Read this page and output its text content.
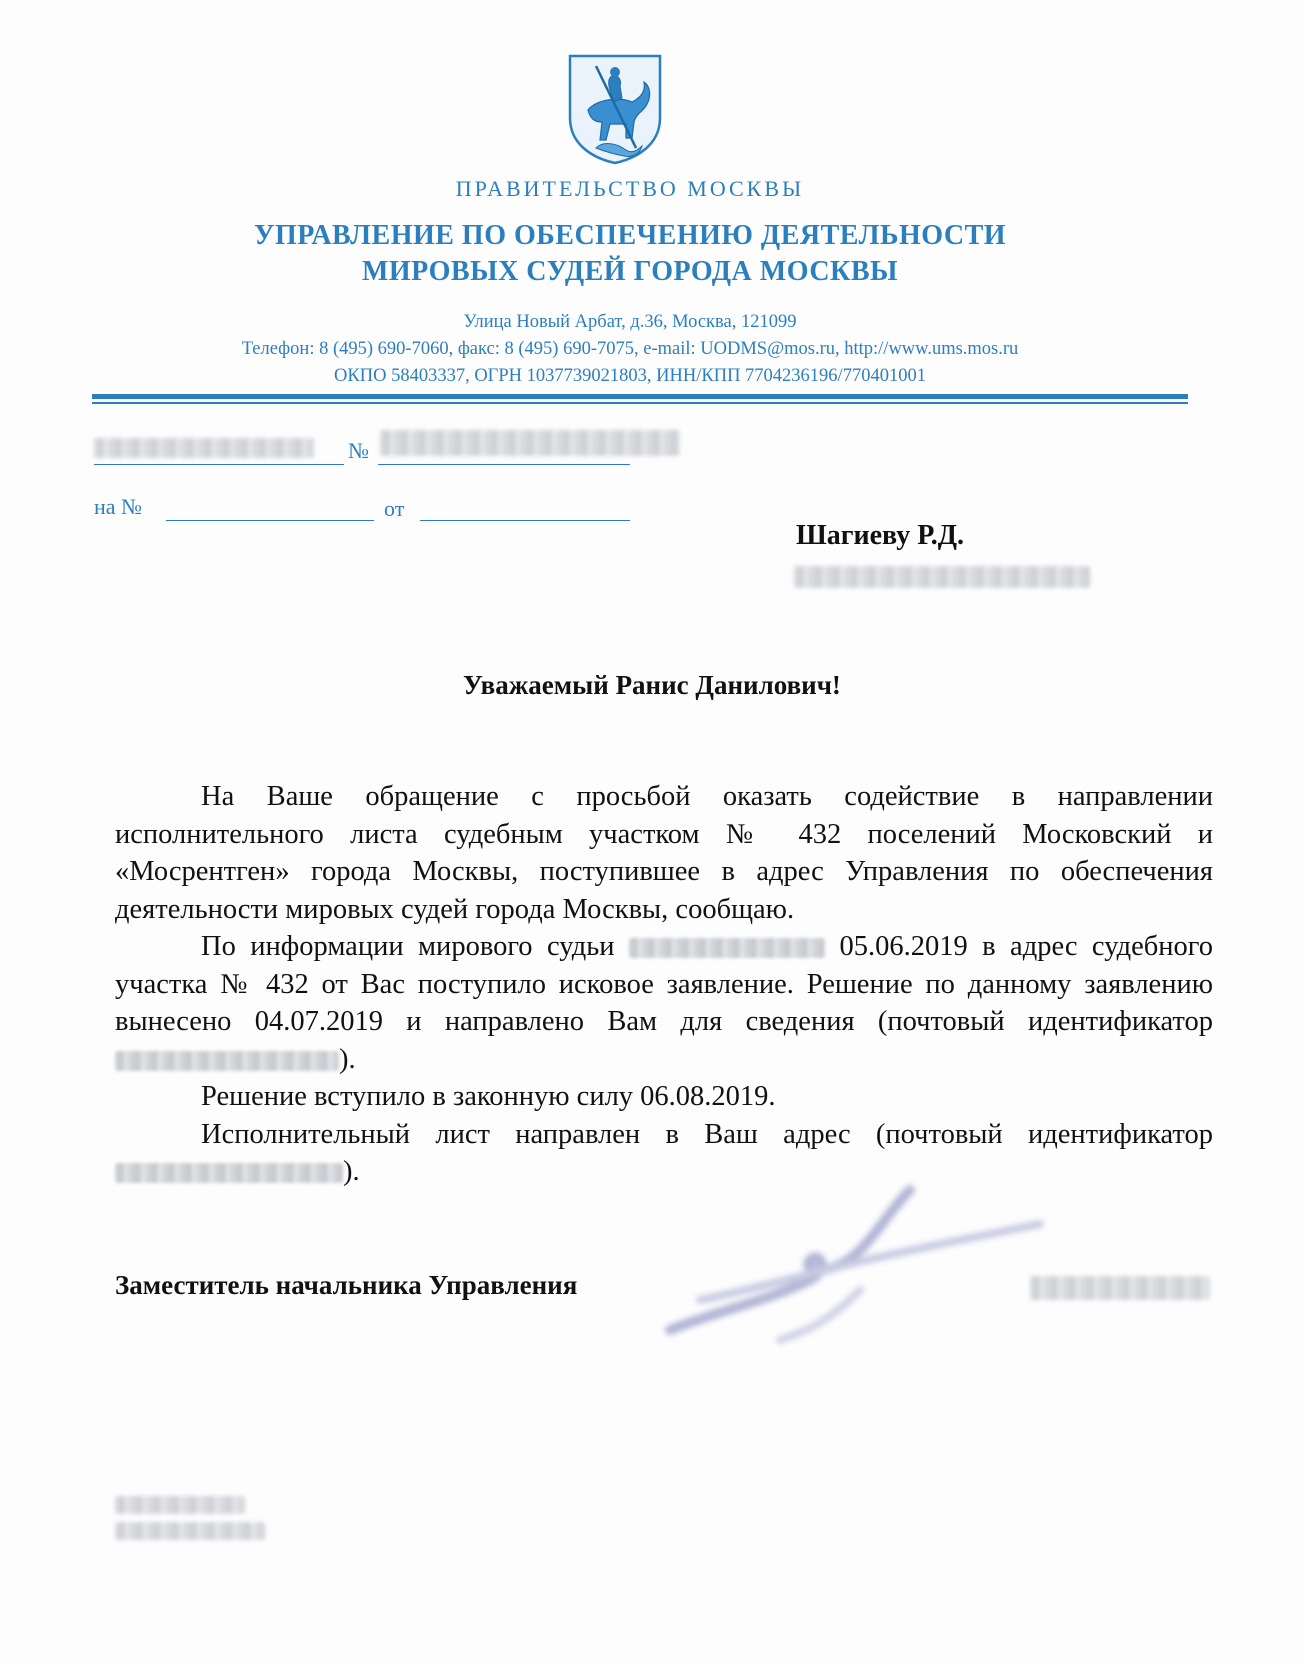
ПРАВИТЕЛЬСТВО МОСКВЫ
УПРАВЛЕНИЕ ПО ОБЕСПЕЧЕНИЮ ДЕЯТЕЛЬНОСТИ
МИРОВЫХ СУДЕЙ ГОРОДА МОСКВЫ
Улица Новый Арбат, д.36, Москва, 121099
Телефон: 8 (495) 690-7060, факс: 8 (495) 690-7075, e-mail: UODMS@mos.ru, http://www.ums.mos.ru
ОКПО 58403337, ОГРН 1037739021803, ИНН/КПП 7704236196/770401001
№
на №	от
Шагиеву Р.Д.
Уважаемый Ранис Данилович!

На Ваше обращение с просьбой оказать содействие в направлении исполнительного листа судебным участком № 432 поселений Московский и «Мосрентген» города Москвы, поступившее в адрес Управления по обеспечения деятельности мировых судей города Москвы, сообщаю.

По информации мирового судьи	05.06.2019 в адрес судебного участка № 432 от Вас поступило исковое заявление. Решение по данному заявлению вынесено 04.07.2019 и направлено Вам для сведения (почтовый идентификатор ).

Решение вступило в законную силу 06.08.2019.

Исполнительный лист направлен в Ваш адрес (почтовый идентификатор ).

Заместитель начальника Управления
